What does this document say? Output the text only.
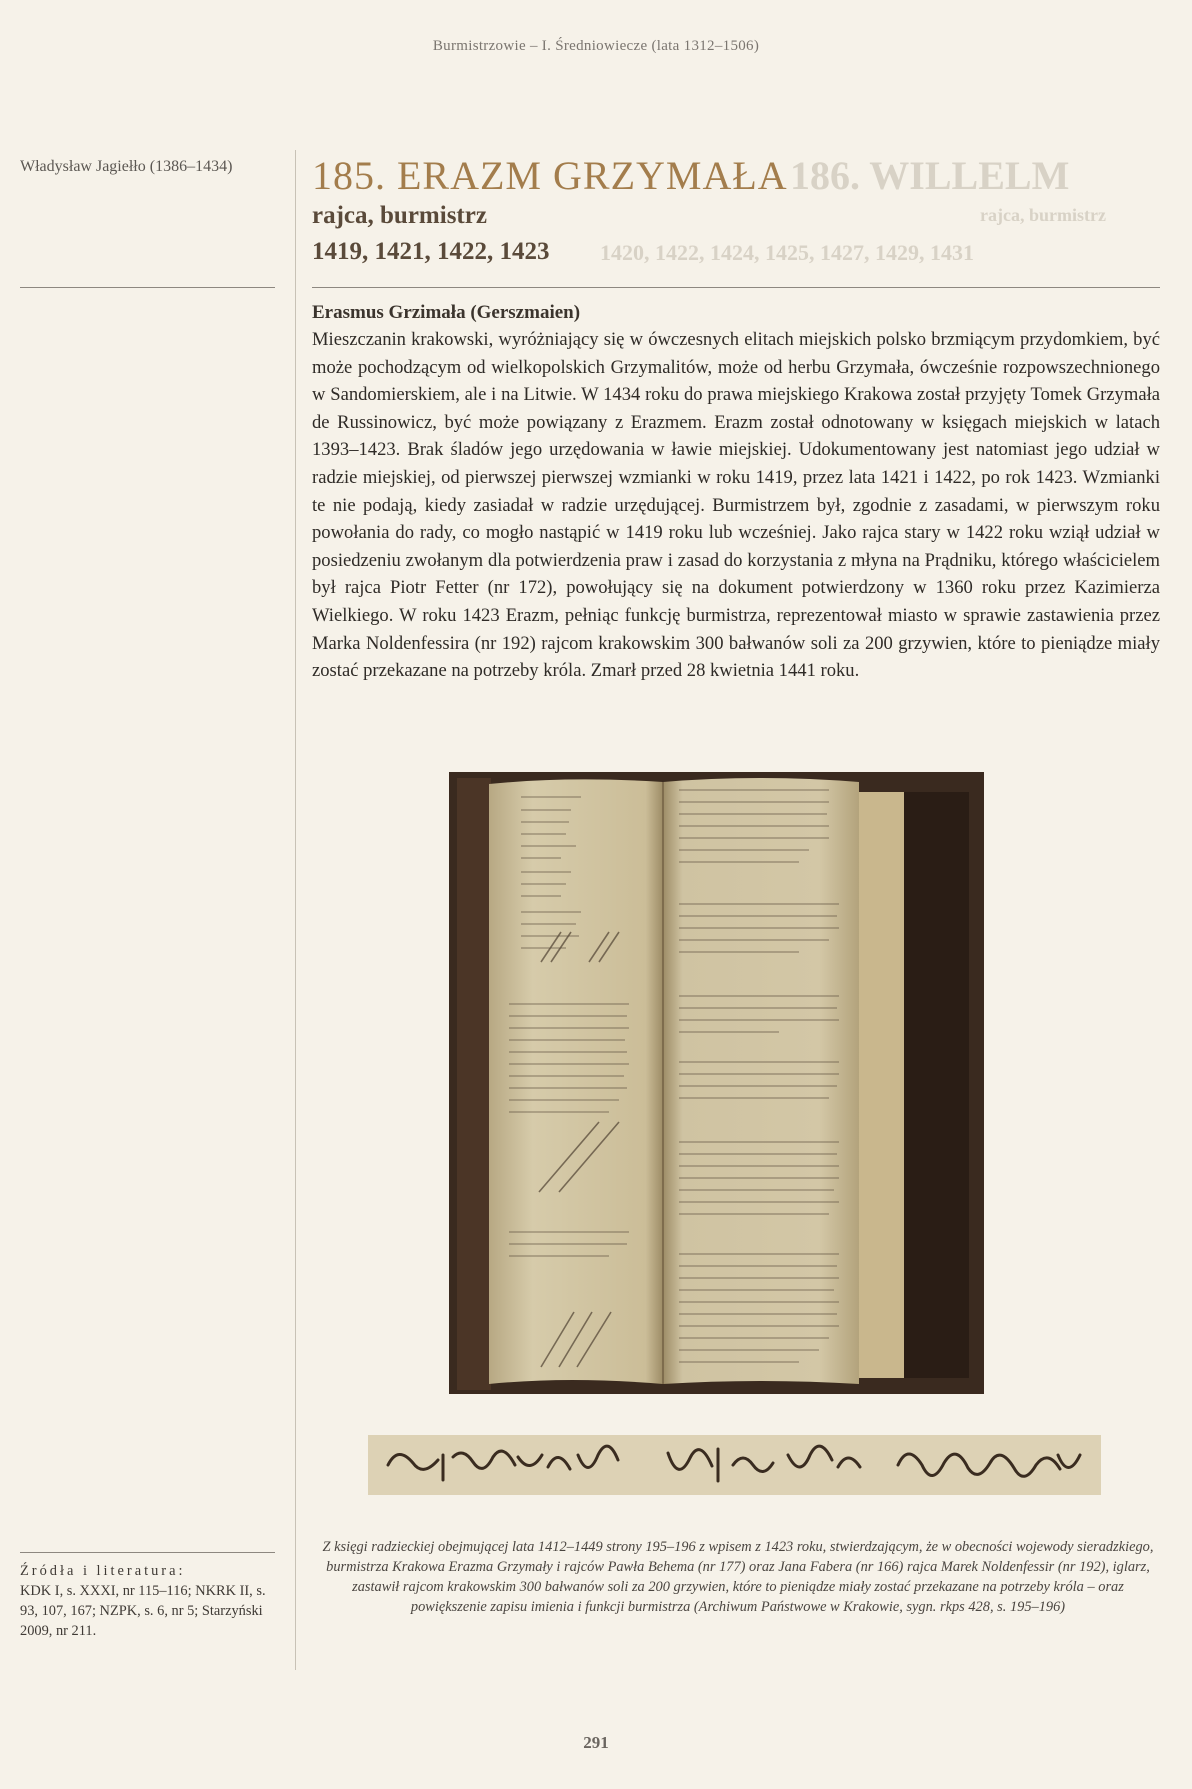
Burmistrzowie – I. Średniowiecze (lata 1312–1506)
186. WILLELM
rajca, burmistrz
1420, 1422, 1424, 1425, 1427, 1429, 1431
Władysław Jagiełło (1386–1434)	185. ERAZM GRZYMAŁA
rajca, burmistrz
1419, 1421, 1422, 1423
Erasmus Grzimała (Gerszmaien)

Mieszczanin krakowski, wyróżniający się w ówczesnych elitach miejskich polsko brzmiącym przydomkiem, być może pochodzącym od wielkopolskich Grzymalitów, może od herbu Grzymała, ówcześnie rozpowszechnionego w Sandomierskiem, ale i na Litwie. W 1434 roku do prawa miejskiego Krakowa został przyjęty Tomek Grzymała de Russinowicz, być może powiązany z Erazmem. Erazm został odnotowany w księgach miejskich w latach 1393–1423. Brak śladów jego urzędowania w ławie miejskiej. Udokumentowany jest natomiast jego udział w radzie miejskiej, od pierwszej pierwszej wzmianki w roku 1419, przez lata 1421 i 1422, po rok 1423. Wzmianki te nie podają, kiedy zasiadał w radzie urzędującej. Burmistrzem był, zgodnie z zasadami, w pierwszym roku powołania do rady, co mogło nastąpić w 1419 roku lub wcześniej. Jako rajca stary w 1422 roku wziął udział w posiedzeniu zwołanym dla potwierdzenia praw i zasad do korzystania z młyna na Prądniku, którego właścicielem był rajca Piotr Fetter (nr 172), powołujący się na dokument potwierdzony w 1360 roku przez Kazimierza Wielkiego. W roku 1423 Erazm, pełniąc funkcję burmistrza, reprezentował miasto w sprawie zastawienia przez Marka Noldenfessira (nr 192) rajcom krakowskim 300 bałwanów soli za 200 grzywien, które to pieniądze miały zostać przekazane na potrzeby króla. Zmarł przed 28 kwietnia 1441 roku.

Z księgi radzieckiej obejmującej lata 1412–1449 strony 195–196 z wpisem z 1423 roku, stwierdzającym, że w obecności wojewody sieradzkiego, burmistrza Krakowa Erazma Grzymały i rajców Pawła Behema (nr 177) oraz Jana Fabera (nr 166) rajca Marek Noldenfessir (nr 192), iglarz, zastawił rajcom krakowskim 300 bałwanów soli za 200 grzywien, które to pieniądze miały zostać przekazane na potrzeby króla – oraz powiększenie zapisu imienia i funkcji burmistrza (Archiwum Państwowe w Krakowie, sygn. rkps 428, s. 195–196)
Źródła i literatura:
KDK I, s. XXXI, nr 115–116; NKRK II, s. 93, 107, 167; NZPK, s. 6, nr 5; Starzyński 2009, nr 211.
291
